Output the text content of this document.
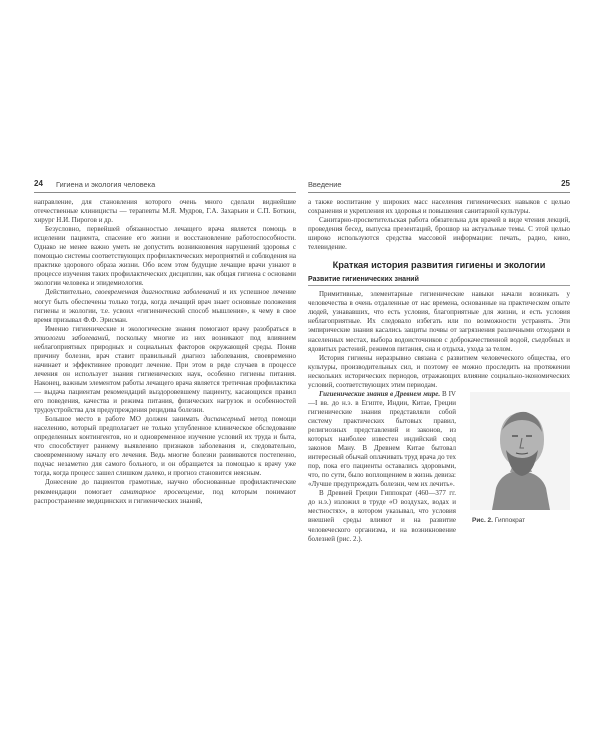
24 Гигиена и экология человека

направление, для становления которого очень много сделали виднейшие отечественные клиницисты — терапевты М.Я. Мудров, Г.А. Захарьин и С.П. Боткин, хирург Н.И. Пирогов и др.

Безусловно, первейшей обязанностью лечащего врача является помощь в исцелении пациента, спасение его жизни и восстановление работоспособности. Однако не менее важно уметь не допустить возникновения нарушений здоровья с помощью системы соответствующих профилактических мероприятий и соблюдения на практике здорового образа жизни. Обо всем этом будущие лечащие врачи узнают в процессе изучения таких профилактических дисциплин, как общая гигиена с основами экологии человека и эпидемиология.

Действительно, своевременная диагностика заболеваний и их успешное лечение могут быть обеспечены только тогда, когда лечащий врач знает основные положения гигиены и экологии, т.е. усвоил «гигиенический способ мышления», к чему в свое время призывал Ф.Ф. Эрисман.

Именно гигиенические и экологические знания помогают врачу разобраться в этиологии заболеваний, поскольку многие из них возникают под влиянием неблагоприятных природных и социальных факторов окружающей среды. Поняв причину болезни, врач ставит правильный диагноз заболевания, своевременно начинает и эффективнее проводит лечение. При этом в ряде случаев в процессе лечения он использует знания гигиенических наук, особенно гигиены питания. Наконец, важным элементом работы лечащего врача является третичная профилактика — выдача пациентам рекомендаций выздоровевшему пациенту, касающихся правил его поведения, качества и режима питания, физических нагрузок и особенностей трудоустройства для предупреждения рецидива болезни.

Большое место в работе МО должен занимать диспансерный метод помощи населению, который предполагает не только углубленное клиническое обследование определенных контингентов, но и одновременное изучение условий их труда и быта, что способствует раннему выявлению признаков заболевания и, следовательно, своевременному началу его лечения. Ведь многие болезни развиваются постепенно, подчас незаметно для самого больного, и он обращается за помощью к врачу уже тогда, когда процесс зашел слишком далеко, и прогноз становится неясным.

Донесение до пациентов грамотные, научно обоснованные профилактические рекомендации помогает санитарное просвещение, под которым понимают распространение медицинских и гигиенических знаний,

Введение	25

а также воспитание у широких масс населения гигиенических навыков с целью сохранения и укрепления их здоровья и повышения санитарной культуры.

Санитарно-просветительская работа обязательна для врачей в виде чтения лекций, проведения бесед, выпуска презентаций, брошюр на актуальные темы. С этой целью широко используются средства массовой информации: печать, радио, кино, телевидение.

Краткая история развития гигиены и экологии
Развитие гигиенических знаний

Примитивные, элементарные гигиенические навыки начали возникать у человечества в очень отдаленные от нас времена, основанные на практическом опыте людей, узнававших, что есть условия, благоприятные для жизни, и есть условия неблагоприятные. Их следовало избегать или по возможности устранять. Эти эмпирические знания касались защиты почвы от загрязнения различными отходами в населенных местах, выбора водоисточников с доброкачественной водой, съедобных и ядовитых растений, режимов питания, сна и отдыха, ухода за телом.

История гигиены неразрывно связана с развитием человеческого общества, его культуры, производительных сил, и поэтому ее можно проследить на протяжении нескольких исторических периодов, отражающих влияние социально-экономических условий, соответствующих этим периодам.

Рис. 2. Гиппократ

Гигиенические знания в Древнем мире. В IV—I вв. до н.э. в Египте, Индии, Китае, Греции гигиенические знания представляли собой систему практических бытовых правил, религиозных представлений и законов, из которых наиболее известен индийский свод законов Ману. В Древнем Китае бытовал интересный обычай оплачивать труд врача до тех пор, пока его пациенты оставались здоровыми, что, по сути, было воплощением в жизнь девиза: «Лучше предупреждать болезни, чем их лечить».

В Древней Греции Гиппократ (460—377 гг. до н.э.) изложил в труде «О воздухах, водах и местностях», в котором указывал, что условия внешней среды влияют и на развитие человеческого организма, и на возникновение болезней (рис. 2.).
